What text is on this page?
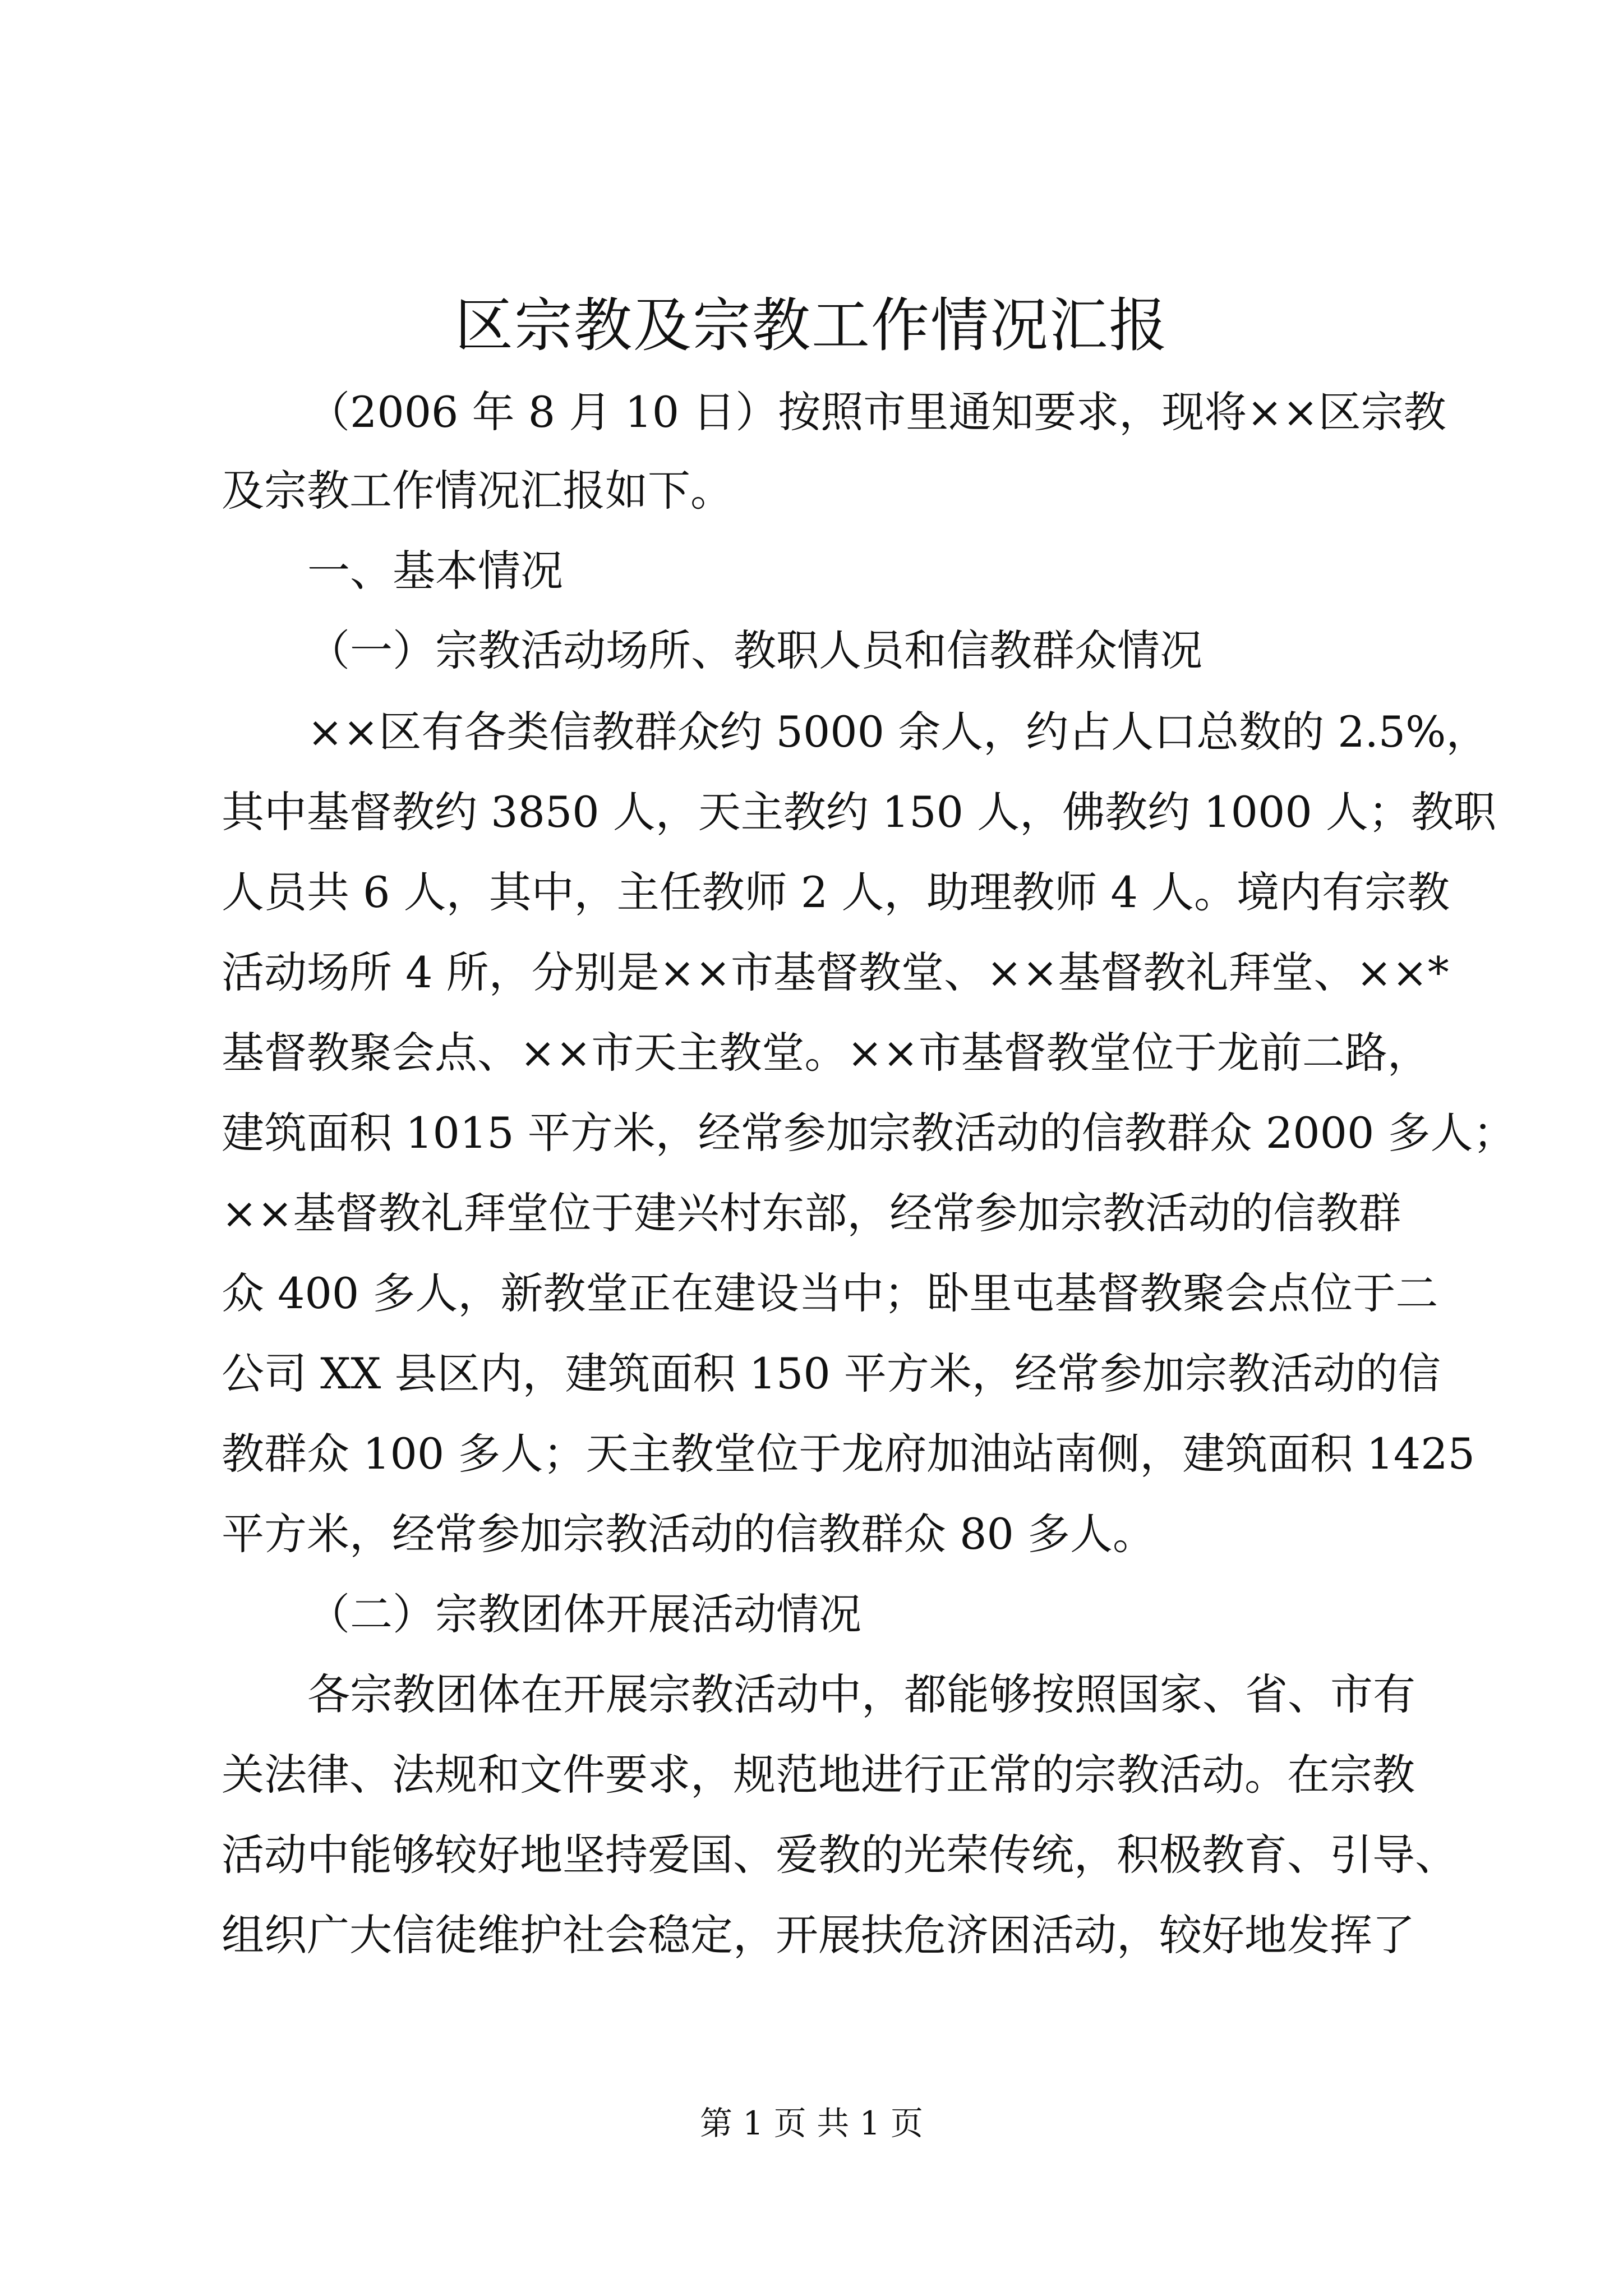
区宗教及宗教工作情况汇报

（2006 年 8 月 10 日）按照市里通知要求，现将××区宗教

及宗教工作情况汇报如下。

一、基本情况

（一）宗教活动场所、教职人员和信教群众情况

××区有各类信教群众约 5000 余人，约占人口总数的 2.5%，

其中基督教约 3850 人，天主教约 150 人，佛教约 1000 人；教职

人员共 6 人，其中，主任教师 2 人，助理教师 4 人。境内有宗教

活动场所 4 所，分别是××市基督教堂、××基督教礼拜堂、××*

基督教聚会点、××市天主教堂。××市基督教堂位于龙前二路，

建筑面积 1015 平方米，经常参加宗教活动的信教群众 2000 多人；

××基督教礼拜堂位于建兴村东部，经常参加宗教活动的信教群

众 400 多人，新教堂正在建设当中；卧里屯基督教聚会点位于二

公司 XX 县区内，建筑面积 150 平方米，经常参加宗教活动的信

教群众 100 多人；天主教堂位于龙府加油站南侧，建筑面积 1425

平方米，经常参加宗教活动的信教群众 80 多人。

（二）宗教团体开展活动情况

各宗教团体在开展宗教活动中，都能够按照国家、省、市有

关法律、法规和文件要求，规范地进行正常的宗教活动。在宗教

活动中能够较好地坚持爱国、爱教的光荣传统，积极教育、引导、

组织广大信徒维护社会稳定，开展扶危济困活动，较好地发挥了

第 1 页 共 1 页
